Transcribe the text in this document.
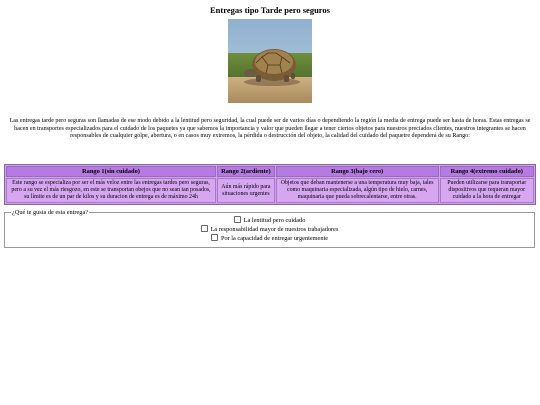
Entregas tipo Tarde pero seguros

Las entregas tarde pero seguras son llamadas de ese modo debido a la lentitud pero seguridad, la cual puede ser de varios días o dependiendo la región la media de entrega puede ser hasta de horas. Estas entregas se hacen en transportes especializados para el cuidado de los paquetes ya que sabemos la importancia y valor que pueden llegar a tener ciertos objetos para nuestros preciados clientes, nuestros integrantes se hacen responsables de cualquier golpe, abertura, o en casos muy extremos, la pérdida o destrucción del objeto, la calidad del cuidado del paquetre dependerá de su Rango:

Rango 1(sin cuidado)	Rango 2(ardiente)	Rango 3(bajo cero)	Rango 4(extremo cuidado)
Este rango se especializa por ser el más veloz entre las entregas tardes pero seguras, pero a su vez el más riesgozo, en este se transportan obejos que no sean tan posados, su límite es de un par de kilos y su duracion de entrega es de máximo 24h	Aún más rápido para situaciones urgentes	Objetos que deban mantenerse a una temperatura muy baja, tales como maquinaria especializada, algún tipo de hielo, carnes, maquinaria que pueda sobrecalentarse, entre otras.	Pueden utilizarse para transportar dispositivos que requeran mayor cuidado a la hora de entregar
¿Qué te gusta de esta entrega?
La lentitud pero cuidado
La responsabilidad mayor de nuestros trabajadores
Por la capacidad de entregar urgentemente
